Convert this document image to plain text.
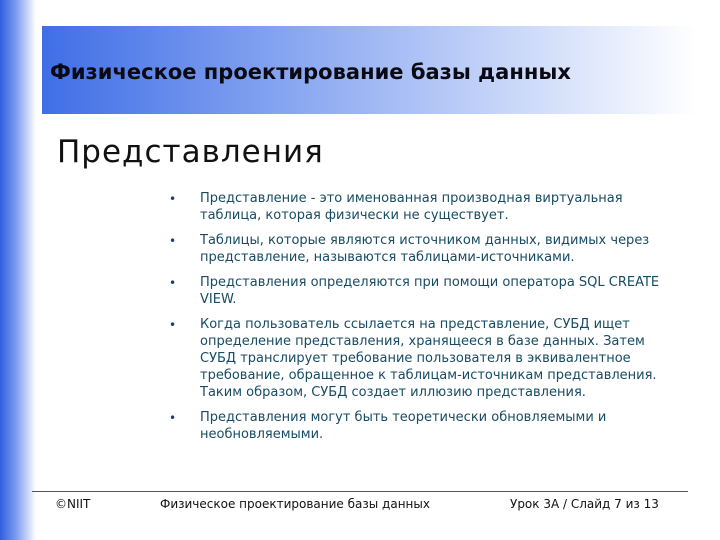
Физическое проектирование базы данных
Представления
• Представление - это именованная производная виртуальная таблица, которая физически не существует.
• Таблицы, которые являются источником данных, видимых через представление, называются таблицами-источниками.
• Представления определяются при помощи оператора SQL CREATE VIEW.
• Когда пользователь ссылается на представление, СУБД ищет определение представления, хранящееся в базе данных. Затем СУБД транслирует требование пользователя в эквивалентное требование, обращенное к таблицам-источникам представления. Таким образом, СУБД создает иллюзию представления.
• Представления могут быть теоретически обновляемыми и необновляемыми.
©NIIT	Физическое проектирование базы данных	Урок 3А / Слайд 7 из 13
